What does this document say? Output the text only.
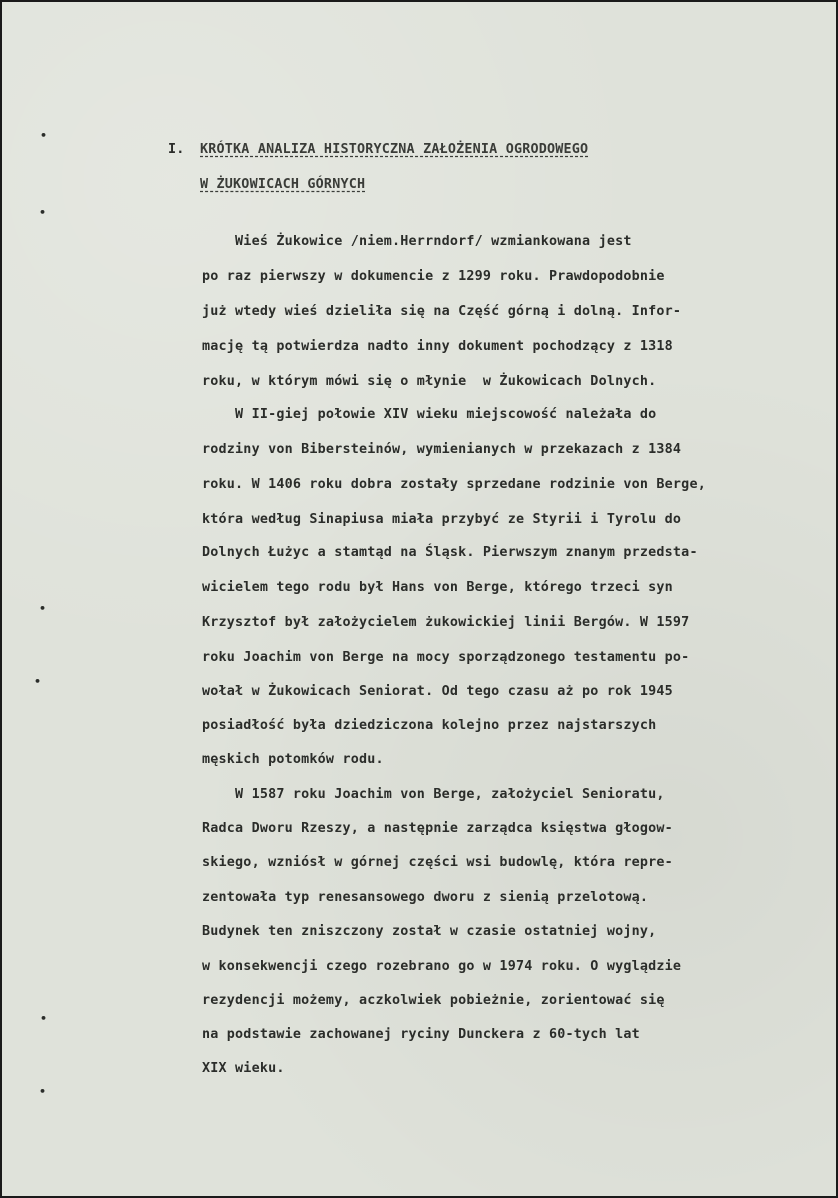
I. KRÓTKA ANALIZA HISTORYCZNA ZAŁOŻENIA OGRODOWEGO
W ŻUKOWICACH GÓRNYCH
Wieś Żukowice /niem.Herrndorf/ wzmiankowana jest
po raz pierwszy w dokumencie z 1299 roku. Prawdopodobnie
już wtedy wieś dzieliła się na Część górną i dolną. Infor-
mację tą potwierdza nadto inny dokument pochodzący z 1318
roku, w którym mówi się o młynie  w Żukowicach Dolnych.
W II-giej połowie XIV wieku miejscowość należała do
rodziny von Bibersteinów, wymienianych w przekazach z 1384
roku. W 1406 roku dobra zostały sprzedane rodzinie von Berge,
która według Sinapiusa miała przybyć ze Styrii i Tyrolu do
Dolnych Łużyc a stamtąd na Śląsk. Pierwszym znanym przedsta-
wicielem tego rodu był Hans von Berge, którego trzeci syn
Krzysztof był założycielem żukowickiej linii Bergów. W 1597
roku Joachim von Berge na mocy sporządzonego testamentu po-
wołał w Żukowicach Seniorat. Od tego czasu aż po rok 1945
posiadłość była dziedziczona kolejno przez najstarszych
męskich potomków rodu.
W 1587 roku Joachim von Berge, założyciel Senioratu,
Radca Dworu Rzeszy, a następnie zarządca księstwa głogow-
skiego, wzniósł w górnej części wsi budowlę, która repre-
zentowała typ renesansowego dworu z sienią przelotową.
Budynek ten zniszczony został w czasie ostatniej wojny,
w konsekwencji czego rozebrano go w 1974 roku. O wyglądzie
rezydencji możemy, aczkolwiek pobieżnie, zorientować się
na podstawie zachowanej ryciny Dunckera z 60-tych lat
XIX wieku.
•
•
•
•
•
•
